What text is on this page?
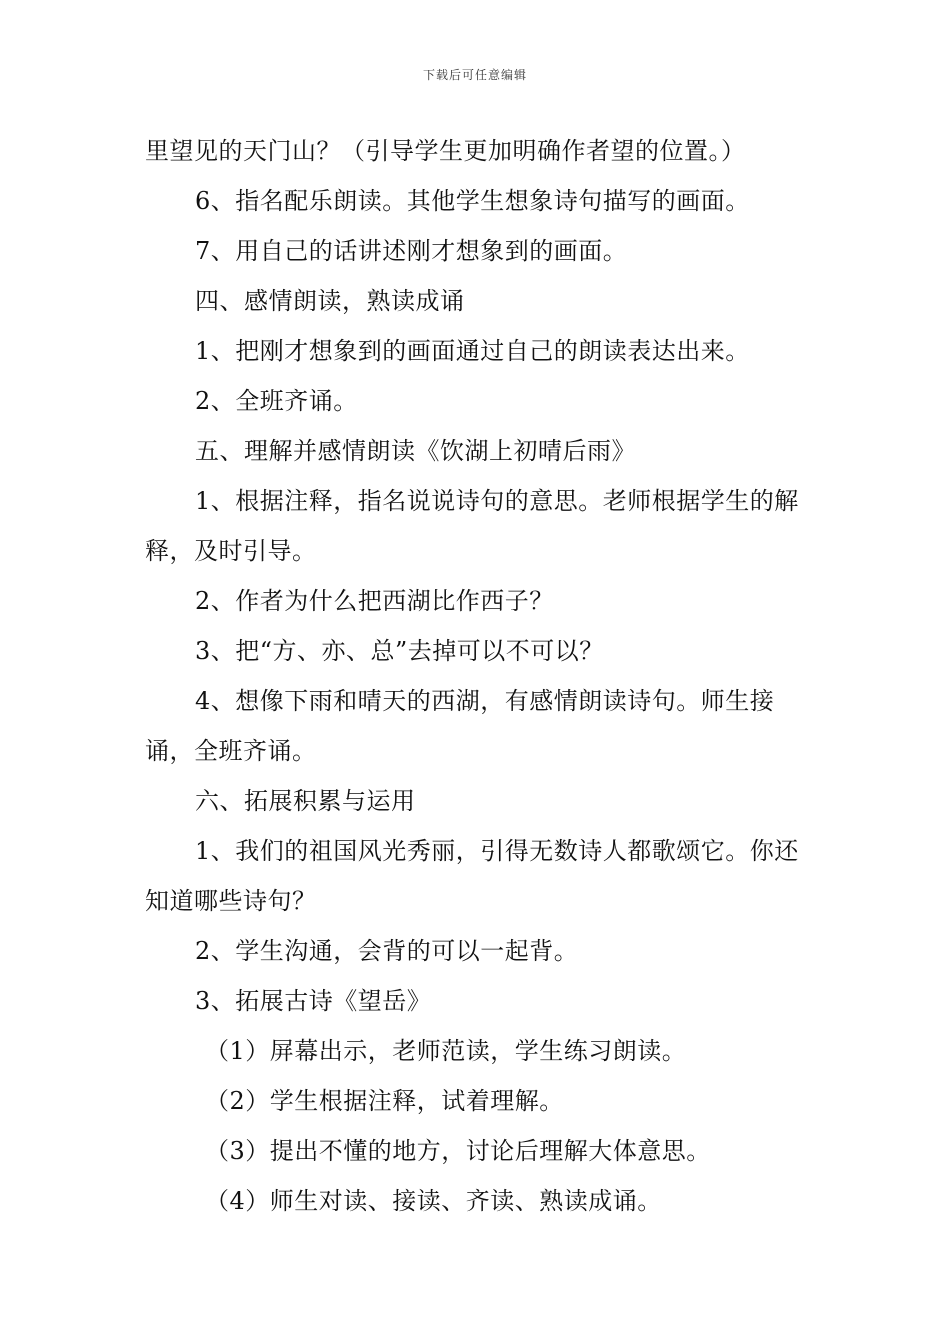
下载后可任意编辑

里望见的天门山？（引导学生更加明确作者望的位置。）

6、指名配乐朗读。其他学生想象诗句描写的画面。

7、用自己的话讲述刚才想象到的画面。

四、感情朗读，熟读成诵

1、把刚才想象到的画面通过自己的朗读表达出来。

2、全班齐诵。

五、理解并感情朗读《饮湖上初晴后雨》

1、根据注释，指名说说诗句的意思。老师根据学生的解释，及时引导。

2、作者为什么把西湖比作西子？

3、把“方、亦、总”去掉可以不可以？

4、想像下雨和晴天的西湖，有感情朗读诗句。师生接诵，全班齐诵。

六、拓展积累与运用

1、我们的祖国风光秀丽，引得无数诗人都歌颂它。你还知道哪些诗句？

2、学生沟通，会背的可以一起背。

3、拓展古诗《望岳》

（1）屏幕出示，老师范读，学生练习朗读。

（2）学生根据注释，试着理解。

（3）提出不懂的地方，讨论后理解大体意思。

（4）师生对读、接读、齐读、熟读成诵。
